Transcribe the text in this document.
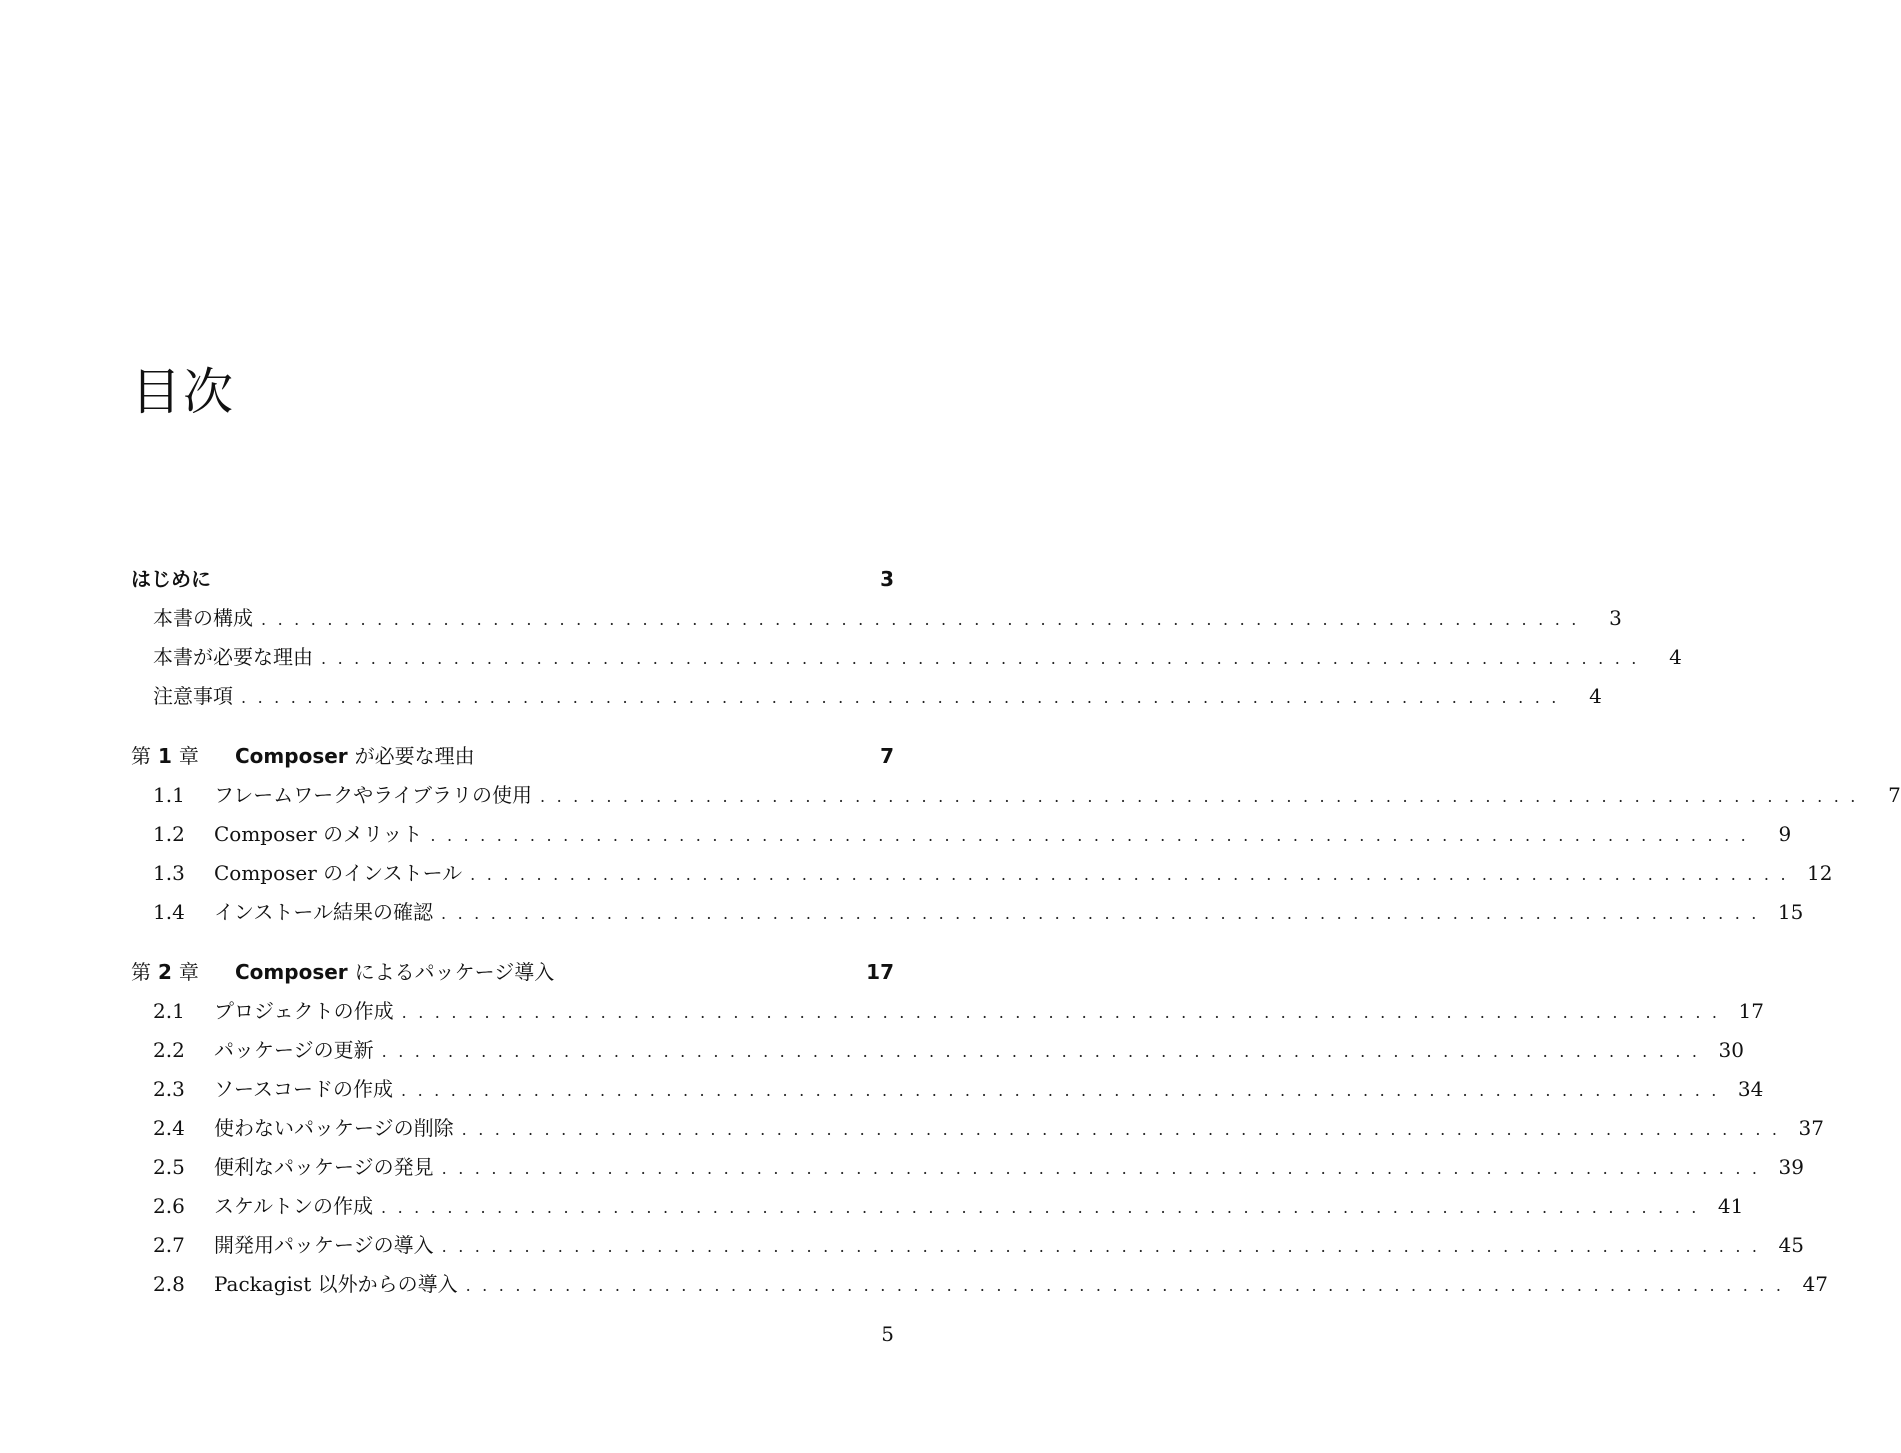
目次
はじめに	3
本書の構成 ................................................................................	3
本書が必要な理由 ................................................................................	4
注意事項 ................................................................................	4
第 1 章	Composer が必要な理由	7
1.1	フレームワークやライブラリの使用 ................................................................................	7
1.2	Composer のメリット ................................................................................	9
1.3	Composer のインストール ................................................................................ 12
1.4	インストール結果の確認 ................................................................................ 15
第 2 章	Composer によるパッケージ導入	17
2.1	プロジェクトの作成 ................................................................................ 17
2.2	パッケージの更新 ................................................................................ 30
2.3	ソースコードの作成 ................................................................................ 34
2.4	使わないパッケージの削除 ................................................................................ 37
2.5	便利なパッケージの発見 ................................................................................ 39
2.6	スケルトンの作成 ................................................................................ 41
2.7	開発用パッケージの導入 ................................................................................ 45
2.8	Packagist 以外からの導入 ................................................................................ 47
5
